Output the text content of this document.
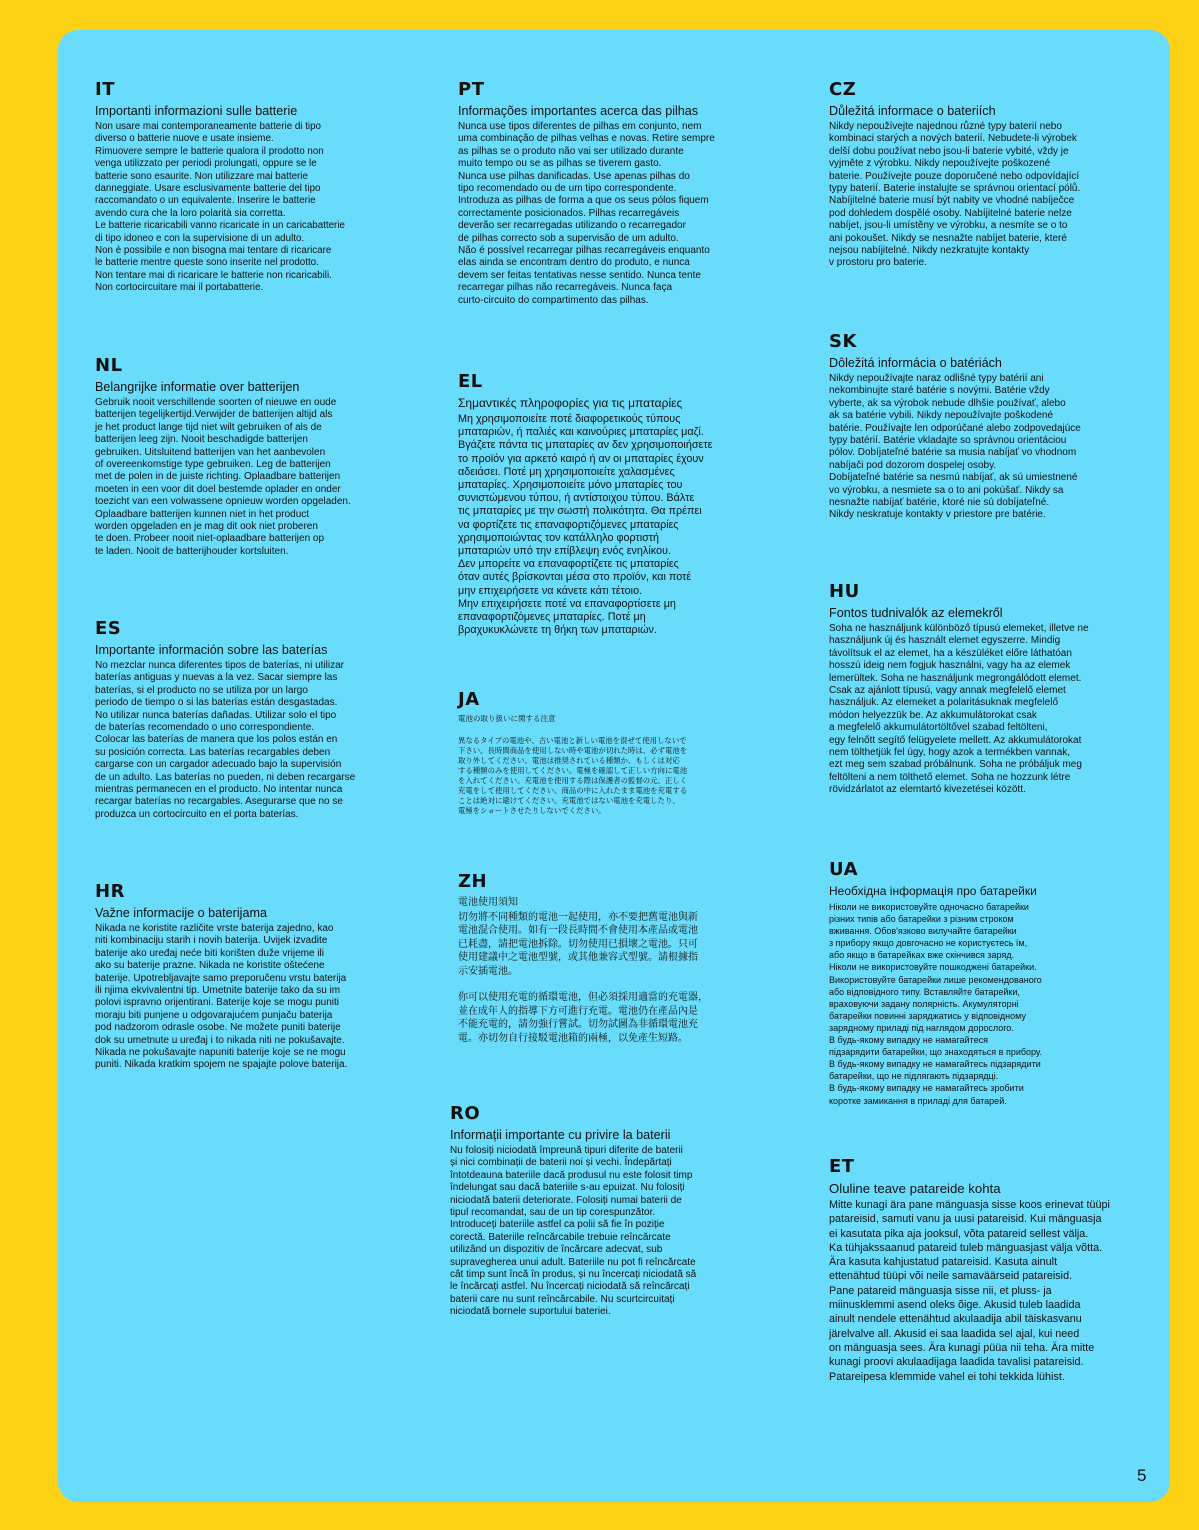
IT
Importanti informazioni sulle batterie
Non usare mai contemporaneamente batterie di tipo
diverso o batterie nuove e usate insieme.
Rimuovere sempre le batterie qualora il prodotto non
venga utilizzato per periodi prolungati, oppure se le
batterie sono esaurite. Non utilizzare mai batterie
danneggiate. Usare esclusivamente batterie del tipo
raccomandato o un equivalente. Inserire le batterie
avendo cura che la loro polarità sia corretta.
Le batterie ricaricabili vanno ricaricate in un caricabatterie
di tipo idoneo e con la supervisione di un adulto.
Non è possibile e non bisogna mai tentare di ricaricare
le batterie mentre queste sono inserite nel prodotto.
Non tentare mai di ricaricare le batterie non ricaricabili.
Non cortocircuitare mai il portabatterie.
NL
Belangrijke informatie over batterijen
Gebruik nooit verschillende soorten of nieuwe en oude
batterijen tegelijkertijd.Verwijder de batterijen altijd als
je het product lange tijd niet wilt gebruiken of als de
batterijen leeg zijn. Nooit beschadigde batterijen
gebruiken. Uitsluitend batterijen van het aanbevolen
of overeenkomstige type gebruiken. Leg de batterijen
met de polen in de juiste richting. Oplaadbare batterijen
moeten in een voor dit doel bestemde oplader en onder
toezicht van een volwassene opnieuw worden opgeladen.
Oplaadbare batterijen kunnen niet in het product
worden opgeladen en je mag dit ook niet proberen
te doen. Probeer nooit niet-oplaadbare batterijen op
te laden. Nooit de batterijhouder kortsluiten.
ES
Importante información sobre las baterías
No mezclar nunca diferentes tipos de baterías, ni utilizar
baterías antiguas y nuevas a la vez. Sacar siempre las
baterías, si el producto no se utiliza por un largo
periodo de tiempo o si las baterías están desgastadas.
No utilizar nunca baterías dañadas. Utilizar solo el tipo
de baterías recomendado o uno correspondiente.
Colocar las baterías de manera que los polos están en
su posición correcta. Las baterías recargables deben
cargarse con un cargador adecuado bajo la supervisión
de un adulto. Las baterías no pueden, ni deben recargarse
mientras permanecen en el producto. No intentar nunca
recargar baterías no recargables. Asegurarse que no se
produzca un cortocircuito en el porta baterías.
HR
Važne informacije o baterijama
Nikada ne koristite različite vrste baterija zajedno, kao
niti kombinaciju starih i novih baterija. Uvijek izvadite
baterije ako uređaj neće biti korišten duže vrijeme ili
ako su baterije prazne. Nikada ne koristite oštećene
baterije. Upotrebljavajte samo preporučenu vrstu baterija
ili njima ekvivalentni tip. Umetnite baterije tako da su im
polovi ispravno orijentirani. Baterije koje se mogu puniti
moraju biti punjene u odgovarajućem punjaču baterija
pod nadzorom odrasle osobe. Ne možete puniti baterije
dok su umetnute u uređaj i to nikada niti ne pokušavajte.
Nikada ne pokušavajte napuniti baterije koje se ne mogu
puniti. Nikada kratkim spojem ne spajajte polove baterija.
PT
Informações importantes acerca das pilhas
Nunca use tipos diferentes de pilhas em conjunto, nem
uma combinação de pilhas velhas e novas. Retire sempre
as pilhas se o produto não vai ser utilizado durante
muito tempo ou se as pilhas se tiverem gasto.
Nunca use pilhas danificadas. Use apenas pilhas do
tipo recomendado ou de um tipo correspondente.
Introduza as pilhas de forma a que os seus pólos fiquem
correctamente posicionados. Pilhas recarregáveis
deverão ser recarregadas utilizando o recarregador
de pilhas correcto sob a supervisão de um adulto.
Não é possível recarregar pilhas recarregáveis enquanto
elas ainda se encontram dentro do produto, e nunca
devem ser feitas tentativas nesse sentido. Nunca tente
recarregar pilhas não recarregáveis. Nunca faça
curto-circuito do compartimento das pilhas.
EL
Σημαντικές πληροφορίες για τις μπαταρίες
Μη χρησιμοποιείτε ποτέ διαφορετικούς τύπους
μπαταριών, ή παλιές και καινούριες μπαταρίες μαζί.
Βγάζετε πάντα τις μπαταρίες αν δεν χρησιμοποιήσετε
το προϊόν για αρκετό καιρό ή αν οι μπαταρίες έχουν
αδειάσει. Ποτέ μη χρησιμοποιείτε χαλασμένες
μπαταρίες. Χρησιμοποιείτε μόνο μπαταρίες του
συνιστώμενου τύπου, ή αντίστοιχου τύπου. Βάλτε
τις μπαταρίες με την σωστή πολικότητα. Θα πρέπει
να φορτίζετε τις επαναφορτιζόμενες μπαταρίες
χρησιμοποιώντας τον κατάλληλο φορτιστή
μπαταριών υπό την επίβλεψη ενός ενηλίκου.
Δεν μπορείτε να επαναφορτίζετε τις μπαταρίες
όταν αυτές βρίσκονται μέσα στο προϊόν, και ποτέ
μην επιχειρήσετε να κάνετε κάτι τέτοιο.
Μην επιχειρήσετε ποτέ να επαναφορτίσετε μη
επαναφορτιζόμενες μπαταρίες. Ποτέ μη
βραχυκυκλώνετε τη θήκη των μπαταριών.
JA
電池の取り扱いに関する注意
異なるタイプの電池や、古い電池と新しい電池を混ぜて使用しないで
下さい。長時間商品を使用しない時や電池が切れた時は、必ず電池を
取り外してください。電池は推奨されている種類か、もしくは対応
する種類のみを使用してください。電極を確認して正しい方向に電池
を入れてください。充電池を使用する際は保護者の監督の元、正しく
充電をして使用してください。商品の中に入れたまま電池を充電する
ことは絶対に避けてください。充電池ではない電池を充電したり、
電極をショートさせたりしないでください。
ZH
電池使用須知
切勿將不同種類的電池一起使用，亦不要把舊電池與新
電池混合使用。如有一段長時間不會使用本產品或電池
已耗盡，請把電池拆除。切勿使用已損壞之電池。只可
使用建議中之電池型號，或其他兼容式型號。請根據指
示安插電池。

你可以使用充電的循環電池，但必須採用適當的充電器，
並在成年人的指導下方可進行充電。電池仍在產品內是
不能充電的，請勿強行嘗試。切勿試圖為非循環電池充
電。亦切勿自行接駁電池箱的兩極，以免產生短路。
RO
Informații importante cu privire la baterii
Nu folosiți niciodată împreună tipuri diferite de baterii
și nici combinații de baterii noi și vechi. Îndepărtați
întotdeauna bateriile dacă produsul nu este folosit timp
îndelungat sau dacă bateriile s-au epuizat. Nu folosiți
niciodată baterii deteriorate. Folosiți numai baterii de
tipul recomandat, sau de un tip corespunzător.
Introduceți bateriile astfel ca polii să fie în poziție
corectă. Bateriile reîncărcabile trebuie reîncărcate
utilizând un dispozitiv de încărcare adecvat, sub
supravegherea unui adult. Bateriile nu pot fi reîncărcate
cât timp sunt încă în produs, și nu încercați niciodată să
le încărcați astfel. Nu încercați niciodată să reîncărcați
baterii care nu sunt reîncărcabile. Nu scurtcircuitați
niciodată bornele suportului bateriei.
CZ
Důležitá informace o bateriích
Nikdy nepoužívejte najednou různé typy baterií nebo
kombinaci starých a nových baterií. Nebudete-li výrobek
delší dobu používat nebo jsou-li baterie vybité, vždy je
vyjměte z výrobku. Nikdy nepoužívejte poškozené
baterie. Používejte pouze doporučené nebo odpovídající
typy baterií. Baterie instalujte se správnou orientací pólů.
Nabíjitelné baterie musí být nabity ve vhodné nabíječce
pod dohledem dospělé osoby. Nabíjitelné baterie nelze
nabíjet, jsou-li umístěny ve výrobku, a nesmíte se o to
ani pokoušet. Nikdy se nesnažte nabíjet baterie, které
nejsou nabíjitelné. Nikdy nezkratujte kontakty
v prostoru pro baterie.
SK
Dôležitá informácia o batériách
Nikdy nepoužívajte naraz odlišné typy batérií ani
nekombinujte staré batérie s novými. Batérie vždy
vyberte, ak sa výrobok nebude dlhšie používať, alebo
ak sa batérie vybili. Nikdy nepoužívajte poškodené
batérie. Používajte len odporúčané alebo zodpovedajúce
typy batérií. Batérie vkladajte so správnou orientáciou
pólov. Dobíjateľné batérie sa musia nabíjať vo vhodnom
nabíjači pod dozorom dospelej osoby.
Dobíjateľné batérie sa nesmú nabíjať, ak sú umiestnené
vo výrobku, a nesmiete sa o to ani pokúšať. Nikdy sa
nesnažte nabíjať batérie, ktoré nie sú dobíjateľné.
Nikdy neskratuje kontakty v priestore pre batérie.
HU
Fontos tudnivalók az elemekről
Soha ne használjunk különböző típusú elemeket, illetve ne
használjunk új és használt elemet egyszerre. Mindig
távolítsuk el az elemet, ha a készüléket előre láthatóan
hosszú ideig nem fogjuk használni, vagy ha az elemek
lemerültek. Soha ne használjunk megrongálódott elemet.
Csak az ajánlott típusú, vagy annak megfelelő elemet
használjuk. Az elemeket a polaritásuknak megfelelő
módon helyezzük be. Az akkumulátorokat csak
a megfelelő akkumulátortöltővel szabad feltölteni,
egy felnőtt segítő felügyelete mellett. Az akkumulátorokat
nem tölthetjük fel úgy, hogy azok a termékben vannak,
ezt meg sem szabad próbálnunk. Soha ne próbáljuk meg
feltölteni a nem tölthető elemet. Soha ne hozzunk létre
rövidzárlatot az elemtartó kivezetései között.
UA
Необхідна інформація про батарейки
Ніколи не використовуйте одночасно батарейки
різних типів або батарейки з різним строком
вживання. Обов'язково вилучайте батарейки
з прибору якщо довгочасно не користуєтесь їм,
або якщо в батарейках вже скінчився заряд.
Ніколи не використовуйте пошкоджені батарейки.
Використовуйте батарейки лише рекомендованого
або відповідного типу. Вставляйте батарейки,
враховуючи задану полярність. Акумуляторні
батарейки повинні заряджатись у відповідному
зарядному приладі під наглядом дорослого.
В будь-якому випадку не намагайтеся
підзарядити батарейки, що знаходяться в прибору.
В будь-якому випадку не намагайтесь підзарядити
батарейки, що не підлягають підзарядці.
В будь-якому випадку не намагайтесь зробити
коротке замикання в приладі для батарей.
ET
Oluline teave patareide kohta
Mitte kunagi ära pane mänguasja sisse koos erinevat tüüpi
patareisid, samuti vanu ja uusi patareisid. Kui mänguasja
ei kasutata pika aja jooksul, võta patareid sellest välja.
Ka tühjakssaanud patareid tuleb mänguasjast välja võtta.
Ära kasuta kahjustatud patareisid. Kasuta ainult
ettenähtud tüüpi või neile samaväärseid patareisid.
Pane patareid mänguasja sisse nii, et pluss- ja
miinusklemmi asend oleks õige. Akusid tuleb laadida
ainult nendele ettenähtud akulaadija abil täiskasvanu
järelvalve all. Akusid ei saa laadida sel ajal, kui need
on mänguasja sees. Ära kunagi püüa nii teha. Ära mitte
kunagi proovi akulaadijaga laadida tavalisi patareisid.
Patareipesa klemmide vahel ei tohi tekkida lühist.
5
